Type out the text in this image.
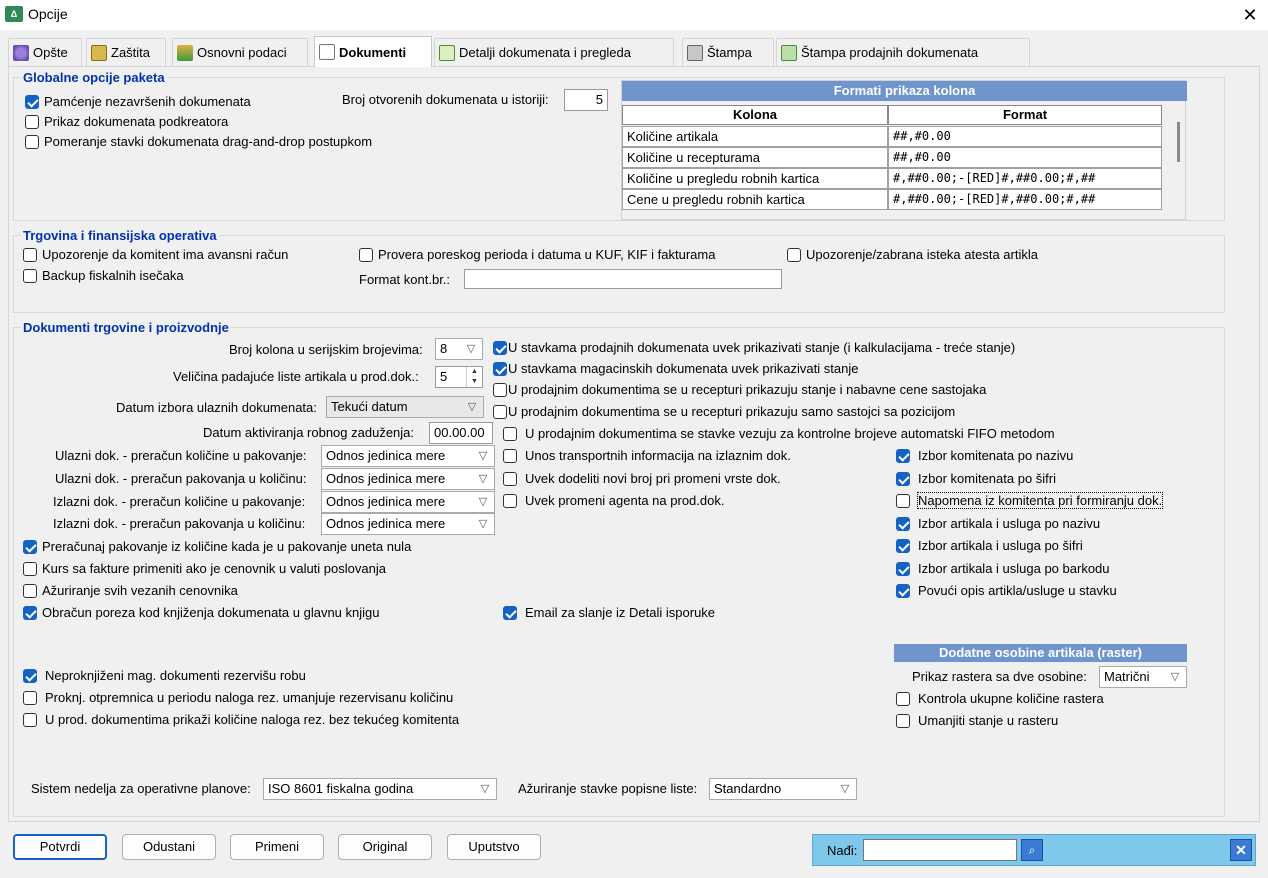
Δ Opcije	✕
Opšte	Zaštita	Osnovni podaci	Dokumenti	Detalji dokumenata i pregleda	Štampa	Štampa prodajnih dokumenata
Globalne opcije paketa
Pamćenje nezavršenih dokumenata
Prikaz dokumenata podkreatora
Pomeranje stavki dokumenata drag-and-drop postupkom
Broj otvorenih dokumenata u istoriji:	5
Formati prikaza kolona
Kolona	Format
Količine artikala	##,#0.00
Količine u recepturama	##,#0.00
Količine u pregledu robnih kartica	#,##0.00;-[RED]#,##0.00;#,##
Cene u pregledu robnih kartica	#,##0.00;-[RED]#,##0.00;#,##
Trgovina i finansijska operativa
Upozorenje da komitent ima avansni račun
Backup fiskalnih isečaka
Provera poreskog perioda i datuma u KUF, KIF i fakturama	Upozorenje/zabrana isteka atesta artikla
Format kont.br.:
Dokumenti trgovine i proizvodnje
Broj kolona u serijskim brojevima:	8	▽
Veličina padajuće liste artikala u prod.dok.:	5	▲
▼
Datum izbora ulaznih dokumenata:	Tekući datum	▽
Datum aktiviranja robnog zaduženja:	00.00.00
Ulazni dok. - preračun količine u pakovanje:	Odnos jedinica mere	▽
Ulazni dok. - preračun pakovanja u količinu:	Odnos jedinica mere	▽
Izlazni dok. - preračun količine u pakovanje:	Odnos jedinica mere	▽
Izlazni dok. - preračun pakovanja u količinu:	Odnos jedinica mere	▽
Preračunaj pakovanje iz količine kada je u pakovanje uneta nula
Kurs sa fakture primeniti ako je cenovnik u valuti poslovanja
Ažuriranje svih vezanih cenovnika
Obračun poreza kod knjiženja dokumenata u glavnu knjigu
U stavkama prodajnih dokumenata uvek prikazivati stanje (i kalkulacijama - treće stanje)
U stavkama magacinskih dokumenata uvek prikazivati stanje
U prodajnim dokumentima se u recepturi prikazuju stanje i nabavne cene sastojaka
U prodajnim dokumentima se u recepturi prikazuju samo sastojci sa pozicijom
U prodajnim dokumentima se stavke vezuju za kontrolne brojeve automatski FIFO metodom
Unos transportnih informacija na izlaznim dok.
Uvek dodeliti novi broj pri promeni vrste dok.
Uvek promeni agenta na prod.dok.
Email za slanje iz Detali isporuke
Izbor komitenata po nazivu
Izbor komitenata po šifri
Napomena iz komitenta pri formiranju dok.
Izbor artikala i usluga po nazivu
Izbor artikala i usluga po šifri
Izbor artikala i usluga po barkodu
Povući opis artikla/usluge u stavku
Dodatne osobine artikala (raster)
Prikaz rastera sa dve osobine:	Matrični	▽
Kontrola ukupne količine rastera
Umanjiti stanje u rasteru
Neproknjiženi mag. dokumenti rezervišu robu
Proknj. otpremnica u periodu naloga rez. umanjuje rezervisanu količinu
U prod. dokumentima prikaži količine naloga rez. bez tekućeg komitenta
Sistem nedelja za operativne planove:	ISO 8601 fiskalna godina	▽ Ažuriranje stavke popisne liste:	Standardno	▽
Potvrdi	Odustani	Primeni	Original	Uputstvo	Nađi:	⌕	✕
